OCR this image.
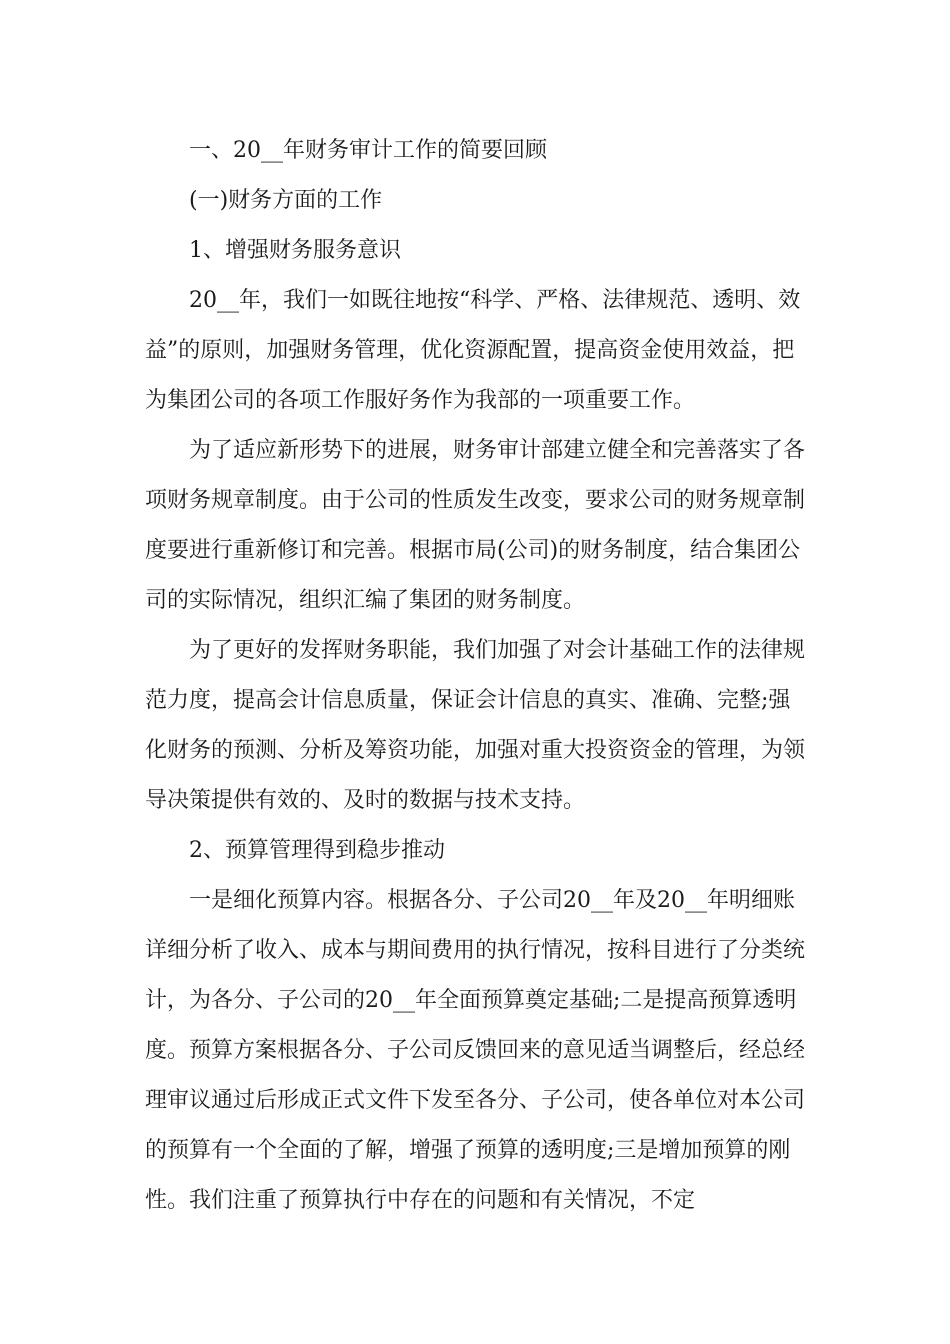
一、20__年财务审计工作的简要回顾

(一)财务方面的工作

1、增强财务服务意识

20__年，我们一如既往地按“科学、严格、法律规范、透明、效益”的原则，加强财务管理，优化资源配置，提高资金使用效益，把为集团公司的各项工作服好务作为我部的一项重要工作。

为了适应新形势下的进展，财务审计部建立健全和完善落实了各项财务规章制度。由于公司的性质发生改变，要求公司的财务规章制度要进行重新修订和完善。根据市局(公司)的财务制度，结合集团公司的实际情况，组织汇编了集团的财务制度。

为了更好的发挥财务职能，我们加强了对会计基础工作的法律规范力度，提高会计信息质量，保证会计信息的真实、准确、完整;强化财务的预测、分析及筹资功能，加强对重大投资资金的管理，为领导决策提供有效的、及时的数据与技术支持。

2、预算管理得到稳步推动

一是细化预算内容。根据各分、子公司20__年及20__年明细账详细分析了收入、成本与期间费用的执行情况，按科目进行了分类统计，为各分、子公司的20__年全面预算奠定基础;二是提高预算透明度。预算方案根据各分、子公司反馈回来的意见适当调整后，经总经理审议通过后形成正式文件下发至各分、子公司，使各单位对本公司的预算有一个全面的了解，增强了预算的透明度;三是增加预算的刚性。我们注重了预算执行中存在的问题和有关情况，不定
